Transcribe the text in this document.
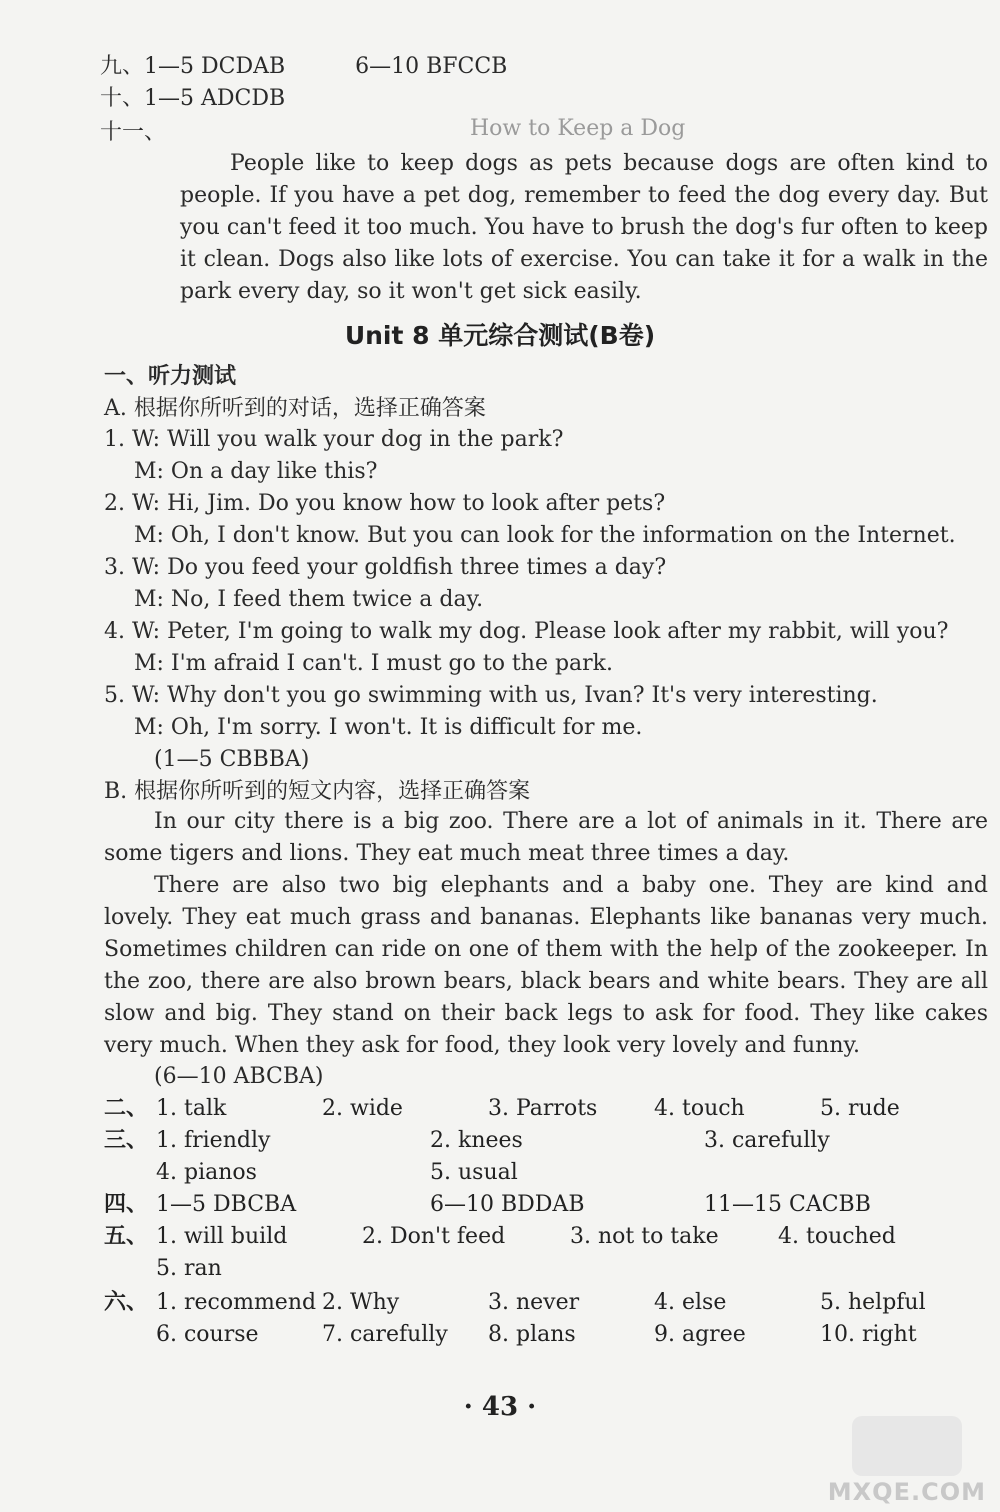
九、1—5 DCDAB          6—10 BFCCB
十、1—5 ADCDB
十一、	How to Keep a Dog
People like to keep dogs as pets because dogs are often kind to people. If you have a pet dog, remember to feed the dog every day. But you can't feed it too much. You have to brush the dog's fur often to keep it clean. Dogs also like lots of exercise. You can take it for a walk in the park every day, so it won't get sick easily.
Unit 8 单元综合测试(B卷)
一、听力测试
A. 根据你所听到的对话，选择正确答案
1. W: Will you walk your dog in the park?
M: On a day like this?
2. W: Hi, Jim. Do you know how to look after pets?
M: Oh, I don't know. But you can look for the information on the Internet.
3. W: Do you feed your goldfish three times a day?
M: No, I feed them twice a day.
4. W: Peter, I'm going to walk my dog. Please look after my rabbit, will you?
M: I'm afraid I can't. I must go to the park.
5. W: Why don't you go swimming with us, Ivan? It's very interesting.
M: Oh, I'm sorry. I won't. It is difficult for me.
(1—5 CBBBA)
B. 根据你所听到的短文内容，选择正确答案
In our city there is a big zoo. There are a lot of animals in it. There are some tigers and lions. They eat much meat three times a day.
There are also two big elephants and a baby one. They are kind and lovely. They eat much grass and bananas. Elephants like bananas very much. Sometimes children can ride on one of them with the help of the zookeeper. In the zoo, there are also brown bears, black bears and white bears. They are all slow and big. They stand on their back legs to ask for food. They like cakes very much. When they ask for food, they look very lovely and funny.
(6—10 ABCBA)
二、 1. talk	2. wide	3. Parrots	4. touch	5. rude
三、 1. friendly	2. knees	3. carefully
4. pianos	5. usual
四、 1—5 DBCBA	6—10 BDDAB	11—15 CACBB
五、 1. will build	2. Don't feed	3. not to take	4. touched
5. ran
六、 1. recommend 2. Why	3. never	4. else	5. helpful
6. course	7. carefully 8. plans	9. agree	10. right
· 43 ·
MXQE.COM
